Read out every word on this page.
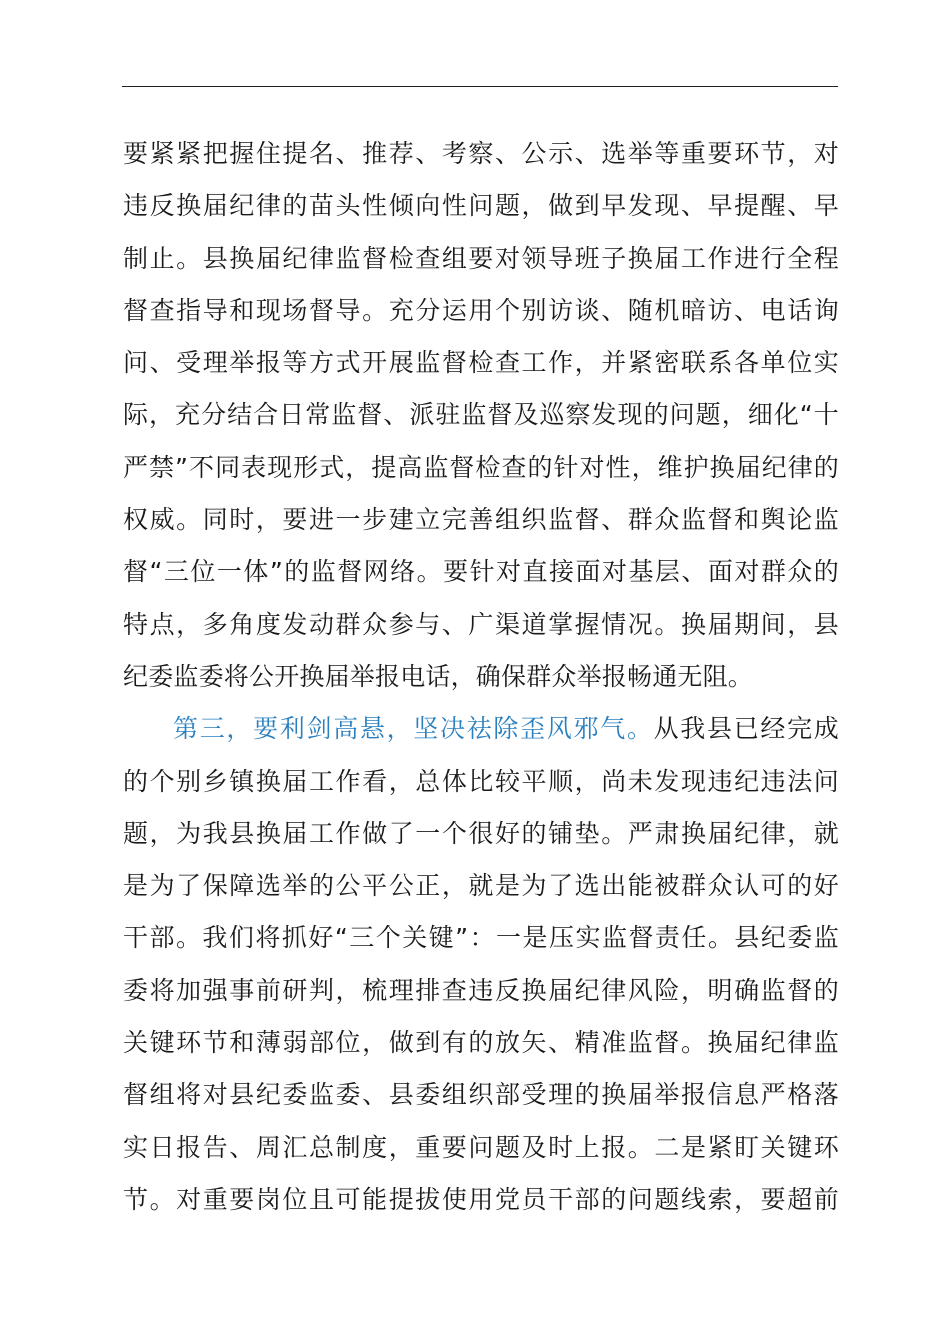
要紧紧把握住提名、推荐、考察、公示、选举等重要环节，对
违反换届纪律的苗头性倾向性问题，做到早发现、早提醒、早
制止。县换届纪律监督检查组要对领导班子换届工作进行全程
督查指导和现场督导。充分运用个别访谈、随机暗访、电话询
问、受理举报等方式开展监督检查工作，并紧密联系各单位实
际，充分结合日常监督、派驻监督及巡察发现的问题，细化“十
严禁”不同表现形式，提高监督检查的针对性，维护换届纪律的
权威。同时，要进一步建立完善组织监督、群众监督和舆论监
督“三位一体”的监督网络。要针对直接面对基层、面对群众的
特点，多角度发动群众参与、广渠道掌握情况。换届期间，县
纪委监委将公开换届举报电话，确保群众举报畅通无阻。
第三，要利剑高悬，坚决祛除歪风邪气。从我县已经完成
的个别乡镇换届工作看，总体比较平顺，尚未发现违纪违法问
题，为我县换届工作做了一个很好的铺垫。严肃换届纪律，就
是为了保障选举的公平公正，就是为了选出能被群众认可的好
干部。我们将抓好“三个关键”：一是压实监督责任。县纪委监
委将加强事前研判，梳理排查违反换届纪律风险，明确监督的
关键环节和薄弱部位，做到有的放矢、精准监督。换届纪律监
督组将对县纪委监委、县委组织部受理的换届举报信息严格落
实日报告、周汇总制度，重要问题及时上报。二是紧盯关键环
节。对重要岗位且可能提拔使用党员干部的问题线索，要超前
